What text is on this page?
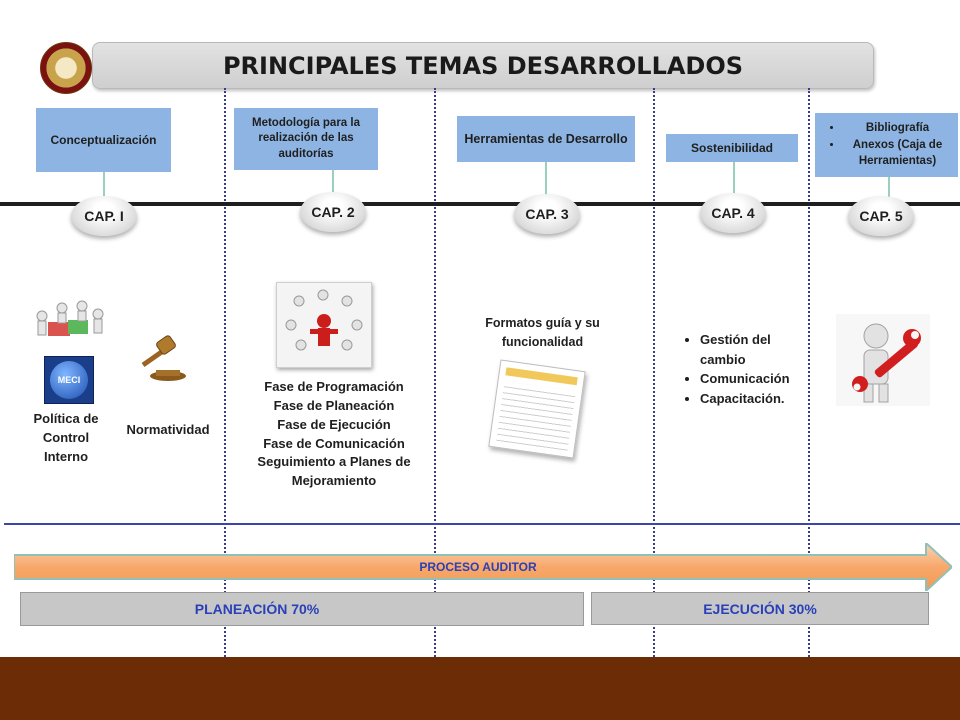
PRINCIPALES TEMAS DESARROLLADOS
Conceptualización
Metodología para la realización de las auditorías
Herramientas de Desarrollo
Sostenibilidad
• Bibliografía
• Anexos (Caja de Herramientas)
CAP. I	CAP. 2	CAP. 3	CAP. 4	CAP. 5
MECI
Política de Control Interno
Normatividad
Fase de Programación
Fase de Planeación
Fase de Ejecución
Fase de Comunicación
Seguimiento a Planes de Mejoramiento
Formatos guía y su funcionalidad
•	Gestión del cambio
• Comunicación
• Capacitación.
PROCESO AUDITOR
PLANEACIÓN 70%	EJECUCIÓN 30%
